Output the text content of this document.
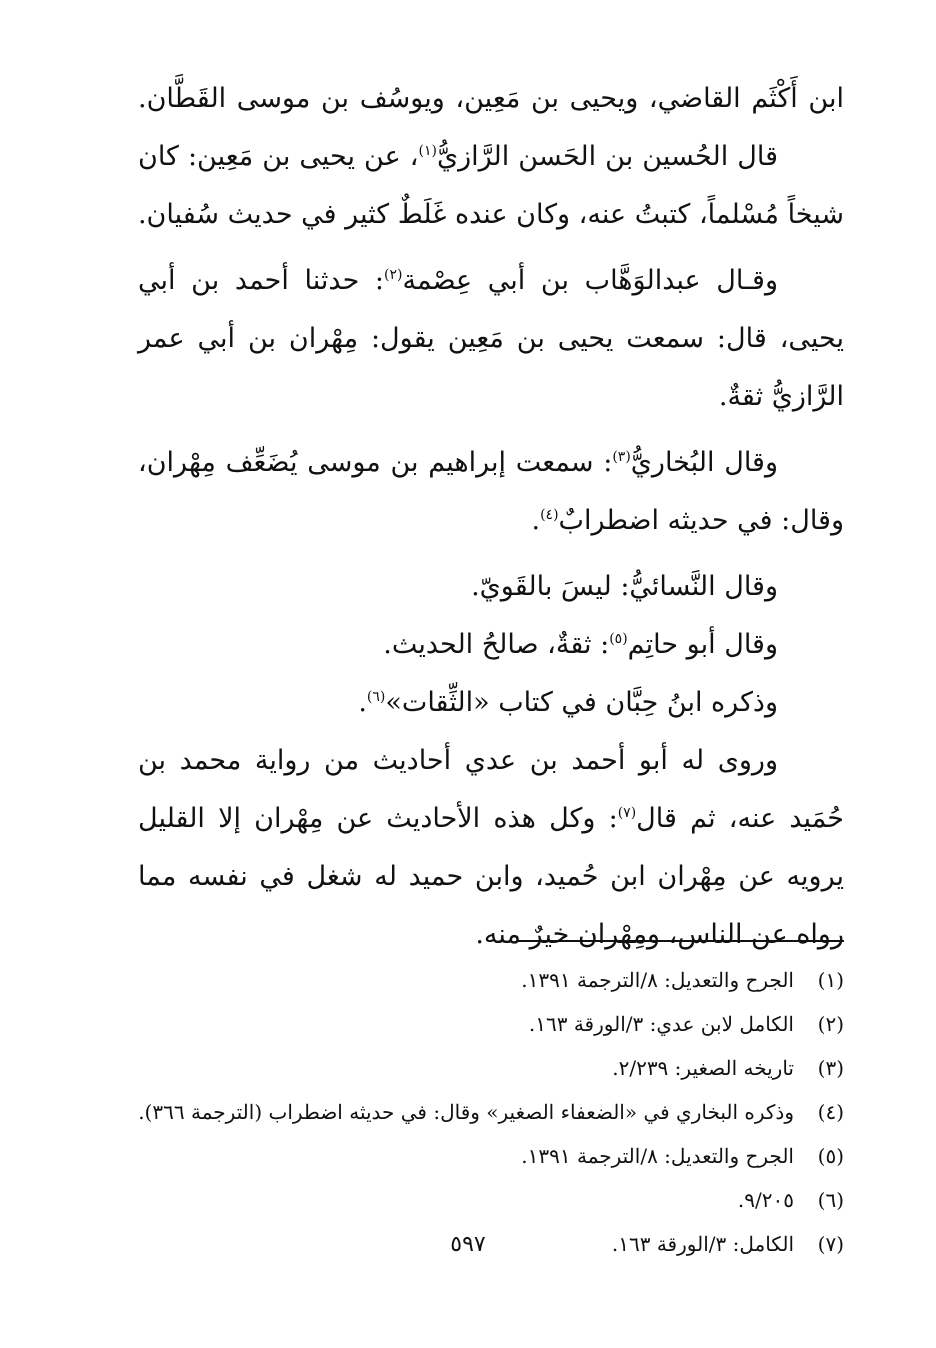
ابن أَكْثَم القاضي، ويحيى بن مَعِين، ويوسُف بن موسى القَطَّان.
قال الحُسين بن الحَسن الرَّازيُّ$^{(١)}$، عن يحيى بن مَعِين: كان
شيخاً مُسْلماً، كتبتُ عنه، وكان عنده غَلَطٌ كثير في حديث سُفيان.
وقـال عبدالوَهَّاب بن أبي عِصْمة$^{(٢)}$: حدثنا أحمد بن أبي
يحيى، قال: سمعت يحيى بن مَعِين يقول: مِهْران بن أبي عمر
الرَّازيُّ ثقةٌ.
وقال البُخاريُّ$^{(٣)}$: سمعت إبراهيم بن موسى يُضَعِّف مِهْران،
وقال: في حديثه اضطرابٌ$^{(٤)}$.
وقال النَّسائيُّ: ليسَ بالقَويّ.
وقال أبو حاتِم$^{(٥)}$: ثقةٌ، صالحُ الحديث.
وذكره ابنُ حِبَّان في كتاب «الثِّقات»$^{(٦)}$.
وروى له أبو أحمد بن عدي أحاديث من رواية محمد بن
حُمَيد عنه، ثم قال$^{(٧)}$: وكل هذه الأحاديث عن مِهْران إلا القليل
يرويه عن مِهْران ابن حُميد، وابن حميد له شغل في نفسه مما
رواه عن الناس، ومِهْران خيرٌ منه.
(١)
الجرح والتعديل: ٨/الترجمة ١٣٩١.
(٢)
الكامل لابن عدي: ٣/الورقة ١٦٣.
(٣)
تاريخه الصغير: ٢/٢٣٩.
(٤)
وذكره البخاري في «الضعفاء الصغير» وقال: في حديثه اضطراب (الترجمة ٣٦٦).
(٥)
الجرح والتعديل: ٨/الترجمة ١٣٩١.
(٦)
٩/٢٠٥.
(٧)
الكامل: ٣/الورقة ١٦٣.
٥٩٧
